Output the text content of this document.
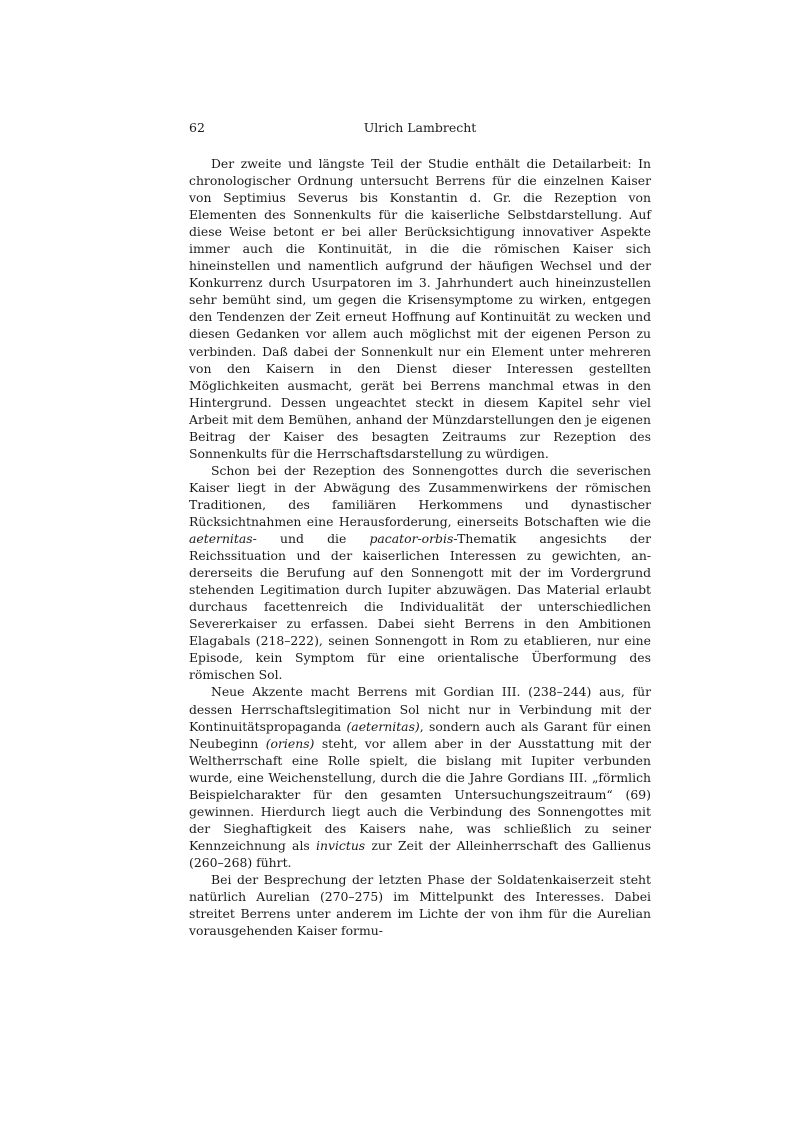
62	Ulrich Lambrecht

Der zweite und längste Teil der Studie enthält die Detailarbeit: In chronologischer Ordnung untersucht Berrens für die einzelnen Kaiser von Septimius Severus bis Konstantin d. Gr. die Rezeption von Elementen des Sonnenkults für die kaiserliche Selbstdarstellung. Auf diese Weise betont er bei aller Berücksichtigung innovativer Aspekte immer auch die Kontinuität, in die die römischen Kaiser sich hineinstellen und namentlich aufgrund der häufigen Wechsel und der Konkurrenz durch Usurpatoren im 3. Jahrhundert auch hineinzustellen sehr bemüht sind, um gegen die Krisensymptome zu wirken, entgegen den Tendenzen der Zeit erneut Hoffnung auf Kontinuität zu wecken und diesen Gedanken vor allem auch möglichst mit der eigenen Person zu verbinden. Daß dabei der Sonnenkult nur ein Element unter mehreren von den Kaisern in den Dienst dieser Interessen gestellten Möglichkeiten ausmacht, gerät bei Berrens manchmal etwas in den Hintergrund. Dessen ungeachtet steckt in diesem Kapitel sehr viel Arbeit mit dem Bemühen, anhand der Münzdarstellungen den je eigenen Beitrag der Kaiser des besagten Zeitraums zur Rezeption des Sonnenkults für die Herrschaftsdarstellung zu würdigen.

Schon bei der Rezeption des Sonnengottes durch die severischen Kaiser liegt in der Abwägung des Zusammenwirkens der römischen Traditionen, des familiären Herkommens und dynastischer Rücksichtnahmen eine Herausforderung, einerseits Botschaften wie die aeternitas- und die pacator-orbis-Thematik angesichts der Reichssituation und der kaiserlichen Interessen zu gewichten, andererseits die Berufung auf den Sonnengott mit der im Vordergrund stehenden Legitimation durch Iupiter abzuwägen. Das Material erlaubt durchaus facettenreich die Individualität der unterschiedlichen Severerkaiser zu erfassen. Dabei sieht Berrens in den Ambitionen Elagabals (218–222), seinen Sonnengott in Rom zu etablieren, nur eine Episode, kein Symptom für eine orientalische Überformung des römischen Sol.

Neue Akzente macht Berrens mit Gordian III. (238–244) aus, für dessen Herrschaftslegitimation Sol nicht nur in Verbindung mit der Kontinuitätspropaganda (aeternitas), sondern auch als Garant für einen Neubeginn (oriens) steht, vor allem aber in der Ausstattung mit der Weltherrschaft eine Rolle spielt, die bislang mit Iupiter verbunden wurde, eine Weichenstellung, durch die die Jahre Gordians III. „förmlich Beispielcharakter für den gesamten Untersuchungszeitraum“ (69) gewinnen. Hierdurch liegt auch die Verbindung des Sonnengottes mit der Sieghaftigkeit des Kaisers nahe, was schließlich zu seiner Kennzeichnung als invictus zur Zeit der Alleinherrschaft des Gallienus (260–268) führt.

Bei der Besprechung der letzten Phase der Soldatenkaiserzeit steht natürlich Aurelian (270–275) im Mittelpunkt des Interesses. Dabei streitet Berrens unter anderem im Lichte der von ihm für die Aurelian vorausgehenden Kaiser formu-
